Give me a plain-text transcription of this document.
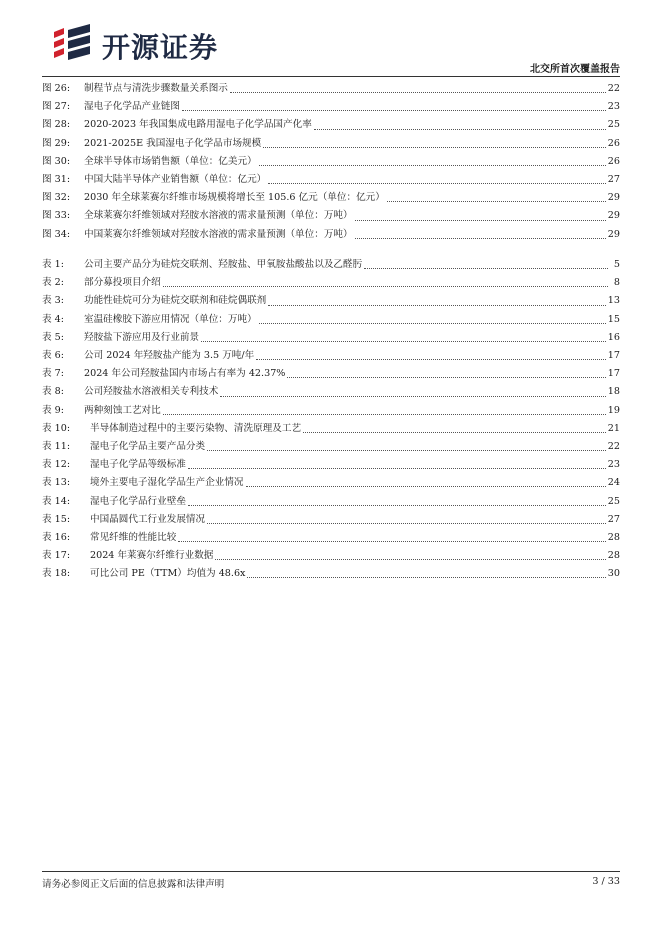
开源证券
北交所首次覆盖报告
图 26:	制程节点与清洗步骤数量关系图示	22
图 27:	湿电子化学品产业链图	23
图 28:	2020-2023 年我国集成电路用湿电子化学品国产化率	25
图 29:	2021-2025E 我国湿电子化学品市场规模	26
图 30:	全球半导体市场销售额（单位：亿美元）	26
图 31:	中国大陆半导体产业销售额（单位：亿元）	27
图 32:	2030 年全球莱赛尔纤维市场规模将增长至 105.6 亿元（单位：亿元）	29
图 33:	全球莱赛尔纤维领域对羟胺水溶液的需求量预测（单位：万吨）	29
图 34:	中国莱赛尔纤维领域对羟胺水溶液的需求量预测（单位：万吨）	29
表 1:	公司主要产品分为硅烷交联剂、羟胺盐、甲氧胺盐酸盐以及乙醛肟	5
表 2:	部分募投项目介绍	8
表 3:	功能性硅烷可分为硅烷交联剂和硅烷偶联剂	13
表 4:	室温硅橡胶下游应用情况（单位：万吨）	15
表 5:	羟胺盐下游应用及行业前景	16
表 6:	公司 2024 年羟胺盐产能为 3.5 万吨/年	17
表 7:	2024 年公司羟胺盐国内市场占有率为 42.37%	17
表 8:	公司羟胺盐水溶液相关专利技术	18
表 9:	两种刻蚀工艺对比	19
表 10:	半导体制造过程中的主要污染物、清洗原理及工艺	21
表 11:	湿电子化学品主要产品分类	22
表 12:	湿电子化学品等级标准	23
表 13:	境外主要电子湿化学品生产企业情况	24
表 14:	湿电子化学品行业壁垒	25
表 15:	中国晶圆代工行业发展情况	27
表 16:	常见纤维的性能比较	28
表 17:	2024 年莱赛尔纤维行业数据	28
表 18:	可比公司 PE（TTM）均值为 48.6x	30
请务必参阅正文后面的信息披露和法律声明	3 / 33
